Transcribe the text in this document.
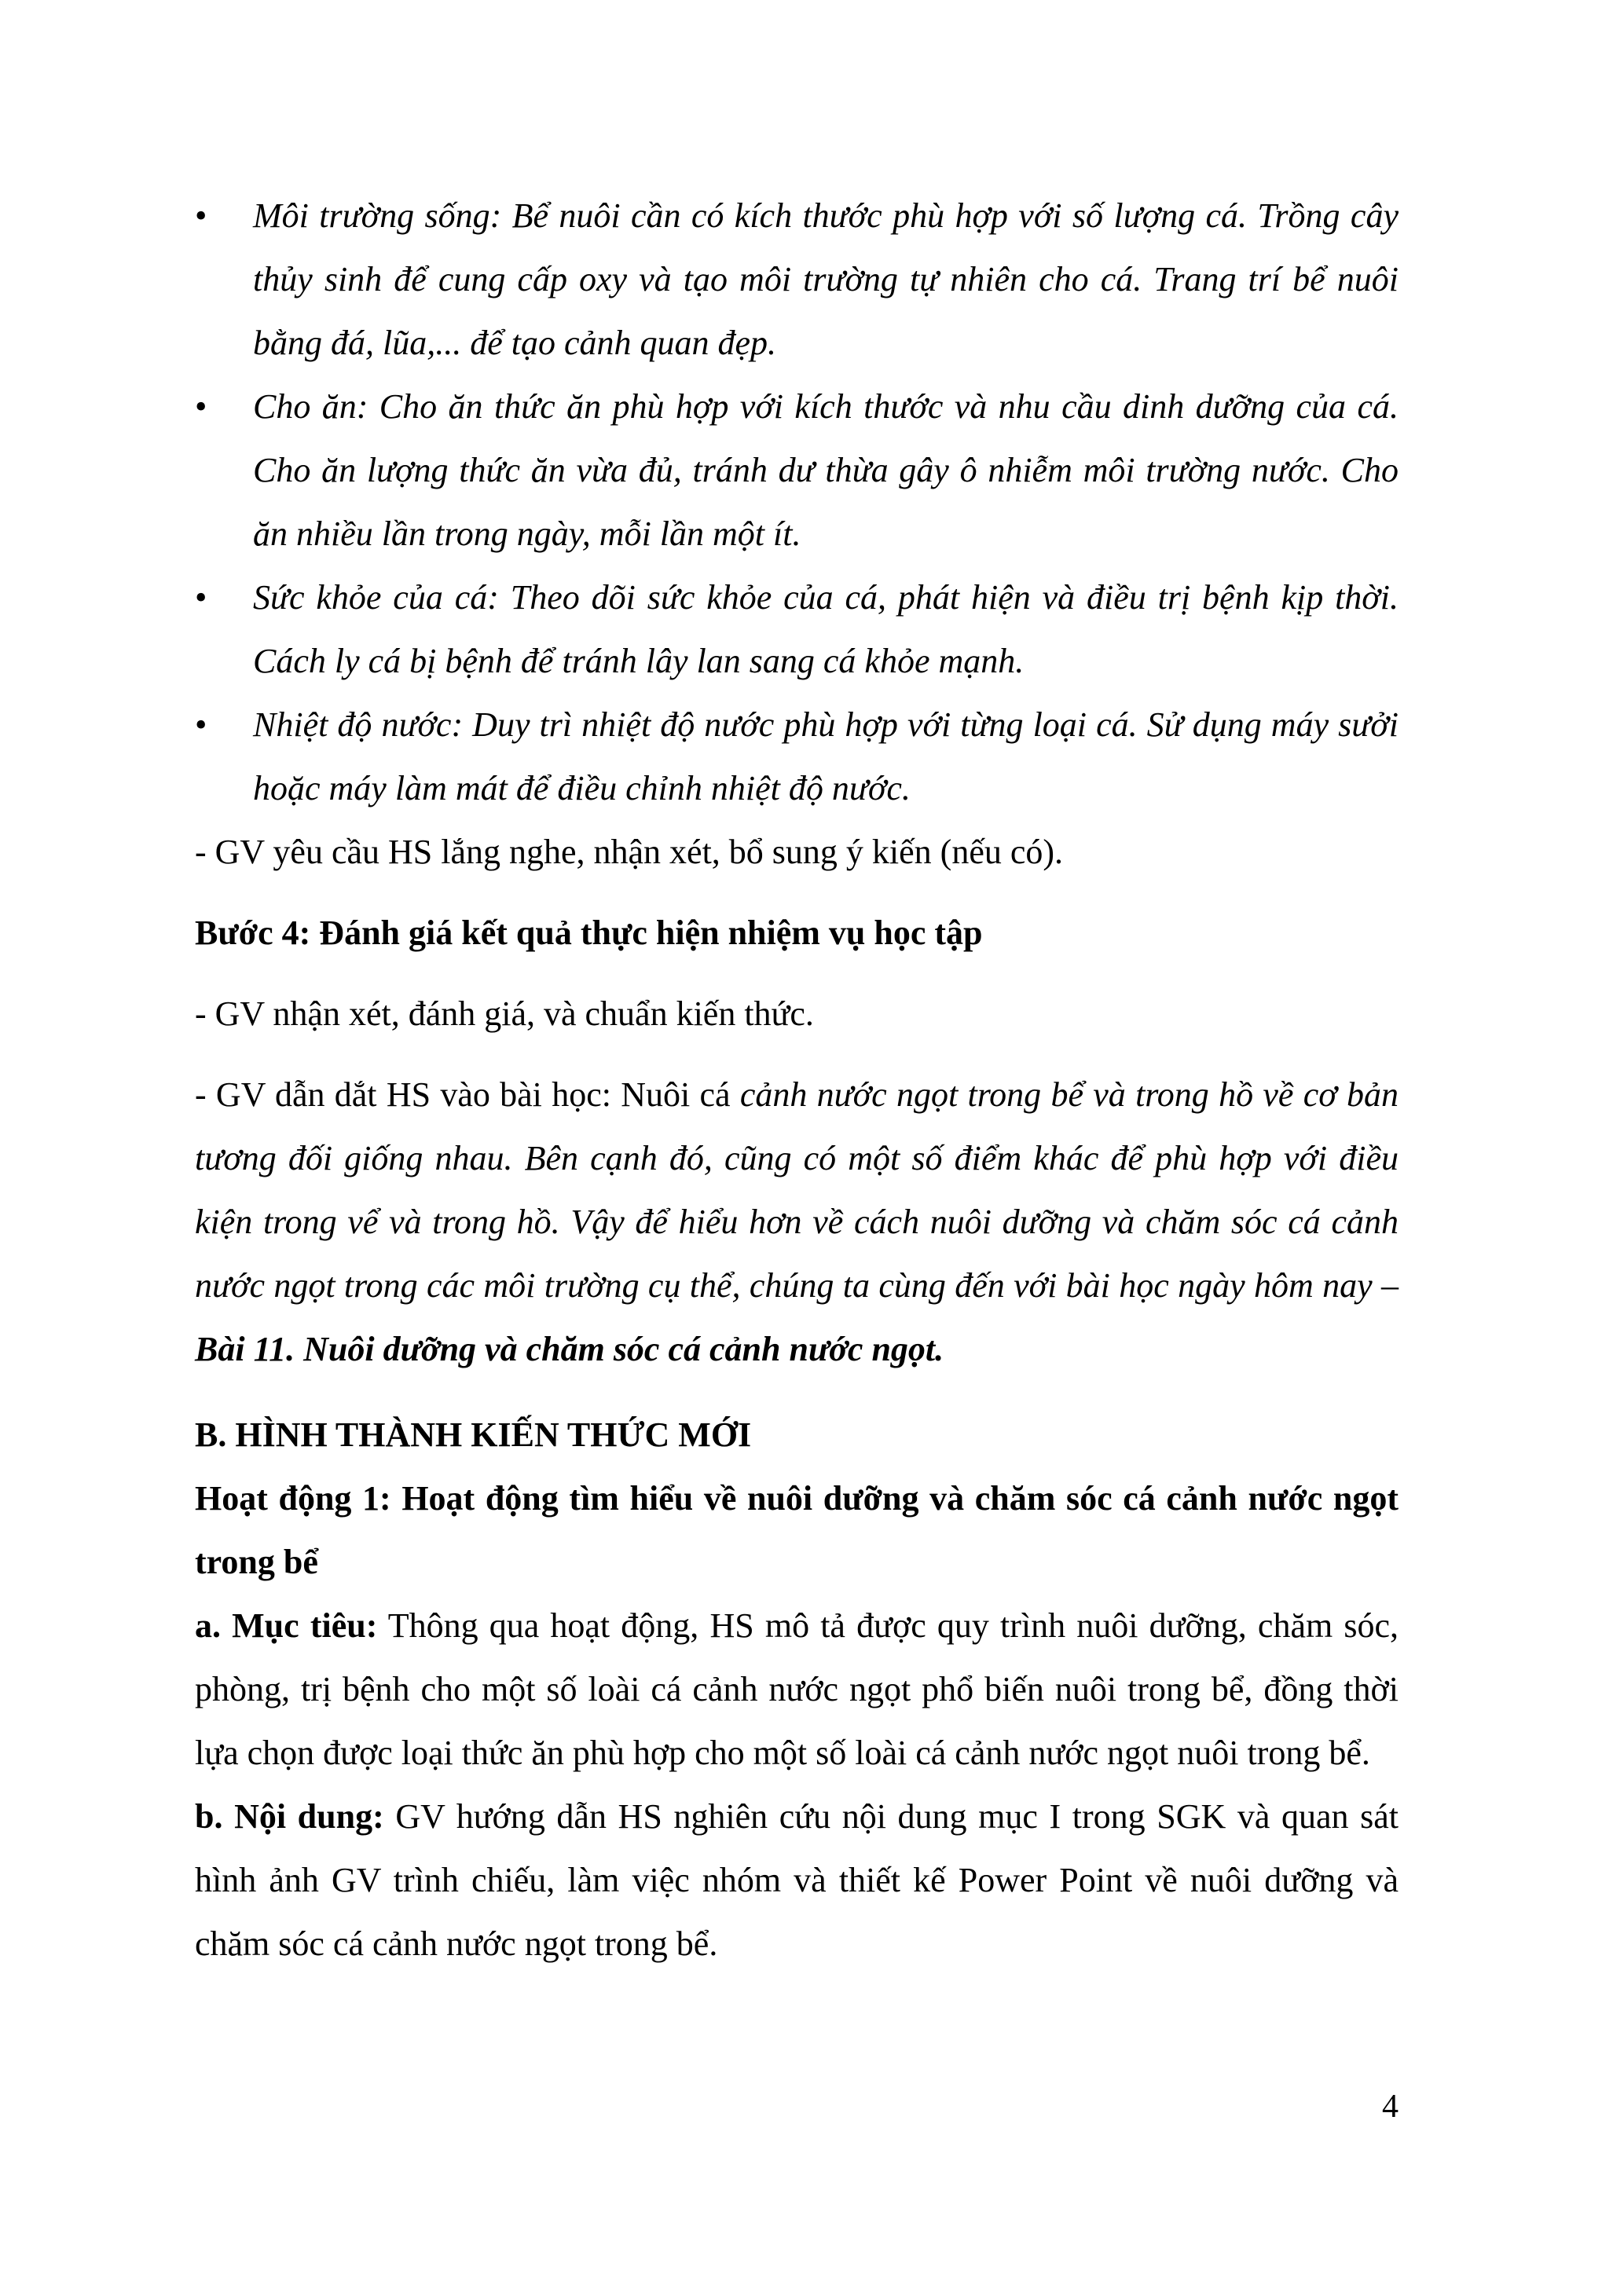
• Môi trường sống: Bể nuôi cần có kích thước phù hợp với số lượng cá. Trồng cây thủy sinh để cung cấp oxy và tạo môi trường tự nhiên cho cá. Trang trí bể nuôi bằng đá, lũa,... để tạo cảnh quan đẹp.
• Cho ăn: Cho ăn thức ăn phù hợp với kích thước và nhu cầu dinh dưỡng của cá. Cho ăn lượng thức ăn vừa đủ, tránh dư thừa gây ô nhiễm môi trường nước. Cho ăn nhiều lần trong ngày, mỗi lần một ít.
• Sức khỏe của cá: Theo dõi sức khỏe của cá, phát hiện và điều trị bệnh kịp thời. Cách ly cá bị bệnh để tránh lây lan sang cá khỏe mạnh.
• Nhiệt độ nước: Duy trì nhiệt độ nước phù hợp với từng loại cá. Sử dụng máy sưởi hoặc máy làm mát để điều chỉnh nhiệt độ nước.

- GV yêu cầu HS lắng nghe, nhận xét, bổ sung ý kiến (nếu có).

Bước 4: Đánh giá kết quả thực hiện nhiệm vụ học tập

- GV nhận xét, đánh giá, và chuẩn kiến thức.

- GV dẫn dắt HS vào bài học: Nuôi cá cảnh nước ngọt trong bể và trong hồ về cơ bản tương đối giống nhau. Bên cạnh đó, cũng có một số điểm khác để phù hợp với điều kiện trong vể và trong hồ. Vậy để hiểu hơn về cách nuôi dưỡng và chăm sóc cá cảnh nước ngọt trong các môi trường cụ thể, chúng ta cùng đến với bài học ngày hôm nay – Bài 11. Nuôi dưỡng và chăm sóc cá cảnh nước ngọt.

B. HÌNH THÀNH KIẾN THỨC MỚI

Hoạt động 1: Hoạt động tìm hiểu về nuôi dưỡng và chăm sóc cá cảnh nước ngọt trong bể

a. Mục tiêu: Thông qua hoạt động, HS mô tả được quy trình nuôi dưỡng, chăm sóc, phòng, trị bệnh cho một số loài cá cảnh nước ngọt phổ biến nuôi trong bể, đồng thời lựa chọn được loại thức ăn phù hợp cho một số loài cá cảnh nước ngọt nuôi trong bể.

b. Nội dung: GV hướng dẫn HS nghiên cứu nội dung mục I trong SGK và quan sát hình ảnh GV trình chiếu, làm việc nhóm và thiết kế Power Point về nuôi dưỡng và chăm sóc cá cảnh nước ngọt trong bể.

4
